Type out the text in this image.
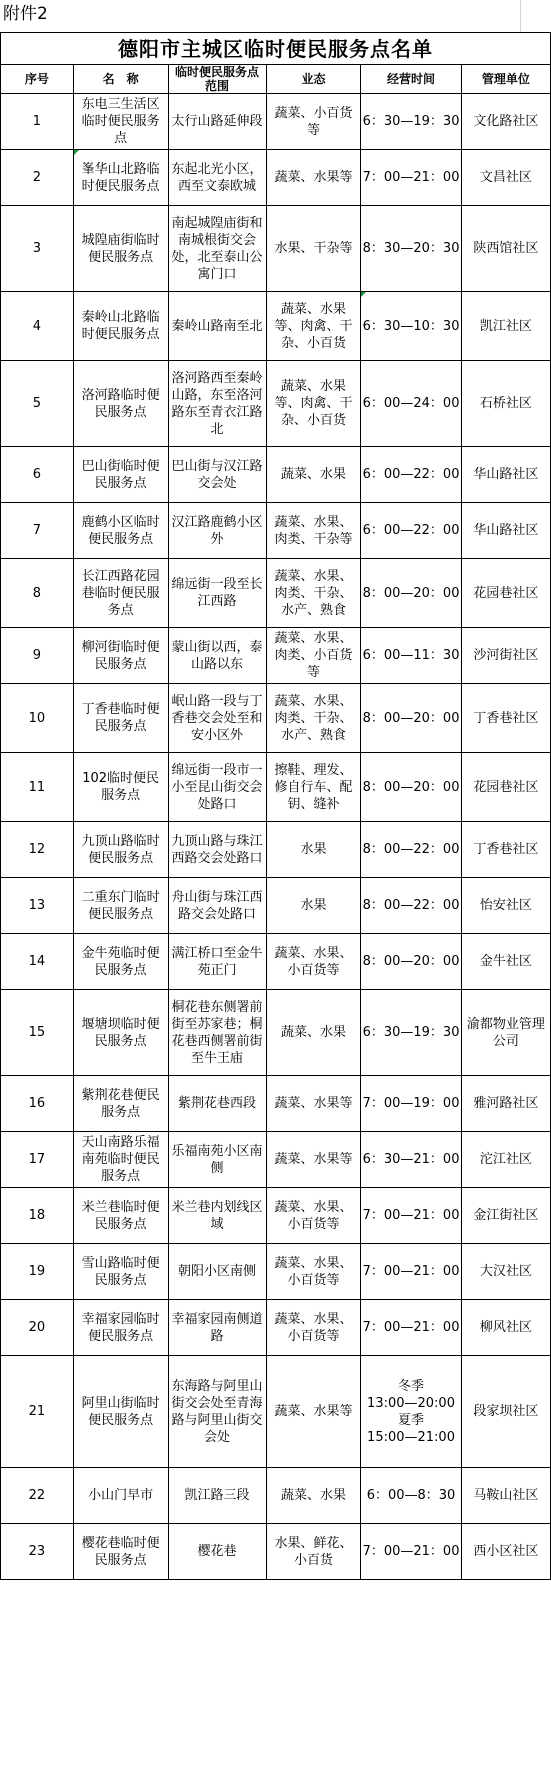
附件2
德阳市主城区临时便民服务点名单					
序号	名　称	临时便民服务点范围	业态	经营时间	管理单位
1	东电三生活区临时便民服务点	太行山路延伸段	蔬菜、小百货等	6：30—19：30	文化路社区
2	峯华山北路临时便民服务点	东起北光小区，西至文泰欧城	蔬菜、水果等	7：00—21：00	文昌社区
3	城隍庙街临时便民服务点	南起城隍庙街和南城根街交会处，北至泰山公寓门口	水果、干杂等	8：30—20：30	陕西馆社区
4	秦岭山北路临时便民服务点	秦岭山路南至北	蔬菜、水果等、肉禽、干杂、小百货	6：30—10：30	凯江社区
5	洛河路临时便民服务点	洛河路西至秦岭山路，东至洛河路东至青衣江路北	蔬菜、水果等、肉禽、干杂、小百货	6：00—24：00	石桥社区
6	巴山街临时便民服务点	巴山街与汉江路交会处	蔬菜、水果	6：00—22：00	华山路社区
7	鹿鹤小区临时便民服务点	汉江路鹿鹤小区外	蔬菜、水果、肉类、干杂等	6：00—22：00	华山路社区
8	长江西路花园巷临时便民服务点	绵远街一段至长江西路	蔬菜、水果、肉类、干杂、水产、熟食	8：00—20：00	花园巷社区
9	柳河街临时便民服务点	蒙山街以西，泰山路以东	蔬菜、水果、肉类、小百货等	6：00—11：30	沙河街社区
10	丁香巷临时便民服务点	岷山路一段与丁香巷交会处至和安小区外	蔬菜、水果、肉类、干杂、水产、熟食	8：00—20：00	丁香巷社区
11	102临时便民服务点	绵远街一段市一小至昆山街交会处路口	擦鞋、理发、修自行车、配钥、缝补	8：00—20：00	花园巷社区
12	九顶山路临时便民服务点	九顶山路与珠江西路交会处路口	水果	8：00—22：00	丁香巷社区
13	二重东门临时便民服务点	舟山街与珠江西路交会处路口	水果	8：00—22：00	怡安社区
14	金牛苑临时便民服务点	满江桥口至金牛苑正门	蔬菜、水果、小百货等	8：00—20：00	金牛社区
15	堰塘坝临时便民服务点	桐花巷东侧署前街至苏家巷；桐花巷西侧署前街至牛王庙	蔬菜、水果	6：30—19：30	渝都物业管理公司
16	紫荆花巷便民服务点	紫荆花巷西段	蔬菜、水果等	7：00—19：00	雅河路社区
17	天山南路乐福南苑临时便民服务点	乐福南苑小区南侧	蔬菜、水果等	6：30—21：00	沱江社区
18	米兰巷临时便民服务点	米兰巷内划线区域	蔬菜、水果、小百货等	7：00—21：00	金江街社区
19	雪山路临时便民服务点	朝阳小区南侧	蔬菜、水果、小百货等	7：00—21：00	大汉社区
20	幸福家园临时便民服务点	幸福家园南侧道路	蔬菜、水果、小百货等	7：00—21：00	柳风社区
21	阿里山街临时便民服务点	东海路与阿里山街交会处至青海路与阿里山街交会处	蔬菜、水果等	冬季
13:00—20:00
夏季
15:00—21:00	段家坝社区
22	小山门早市	凯江路三段	蔬菜、水果	6：00—8：30	马鞍山社区
23	樱花巷临时便民服务点	樱花巷	水果、鲜花、小百货	7：00—21：00	西小区社区
